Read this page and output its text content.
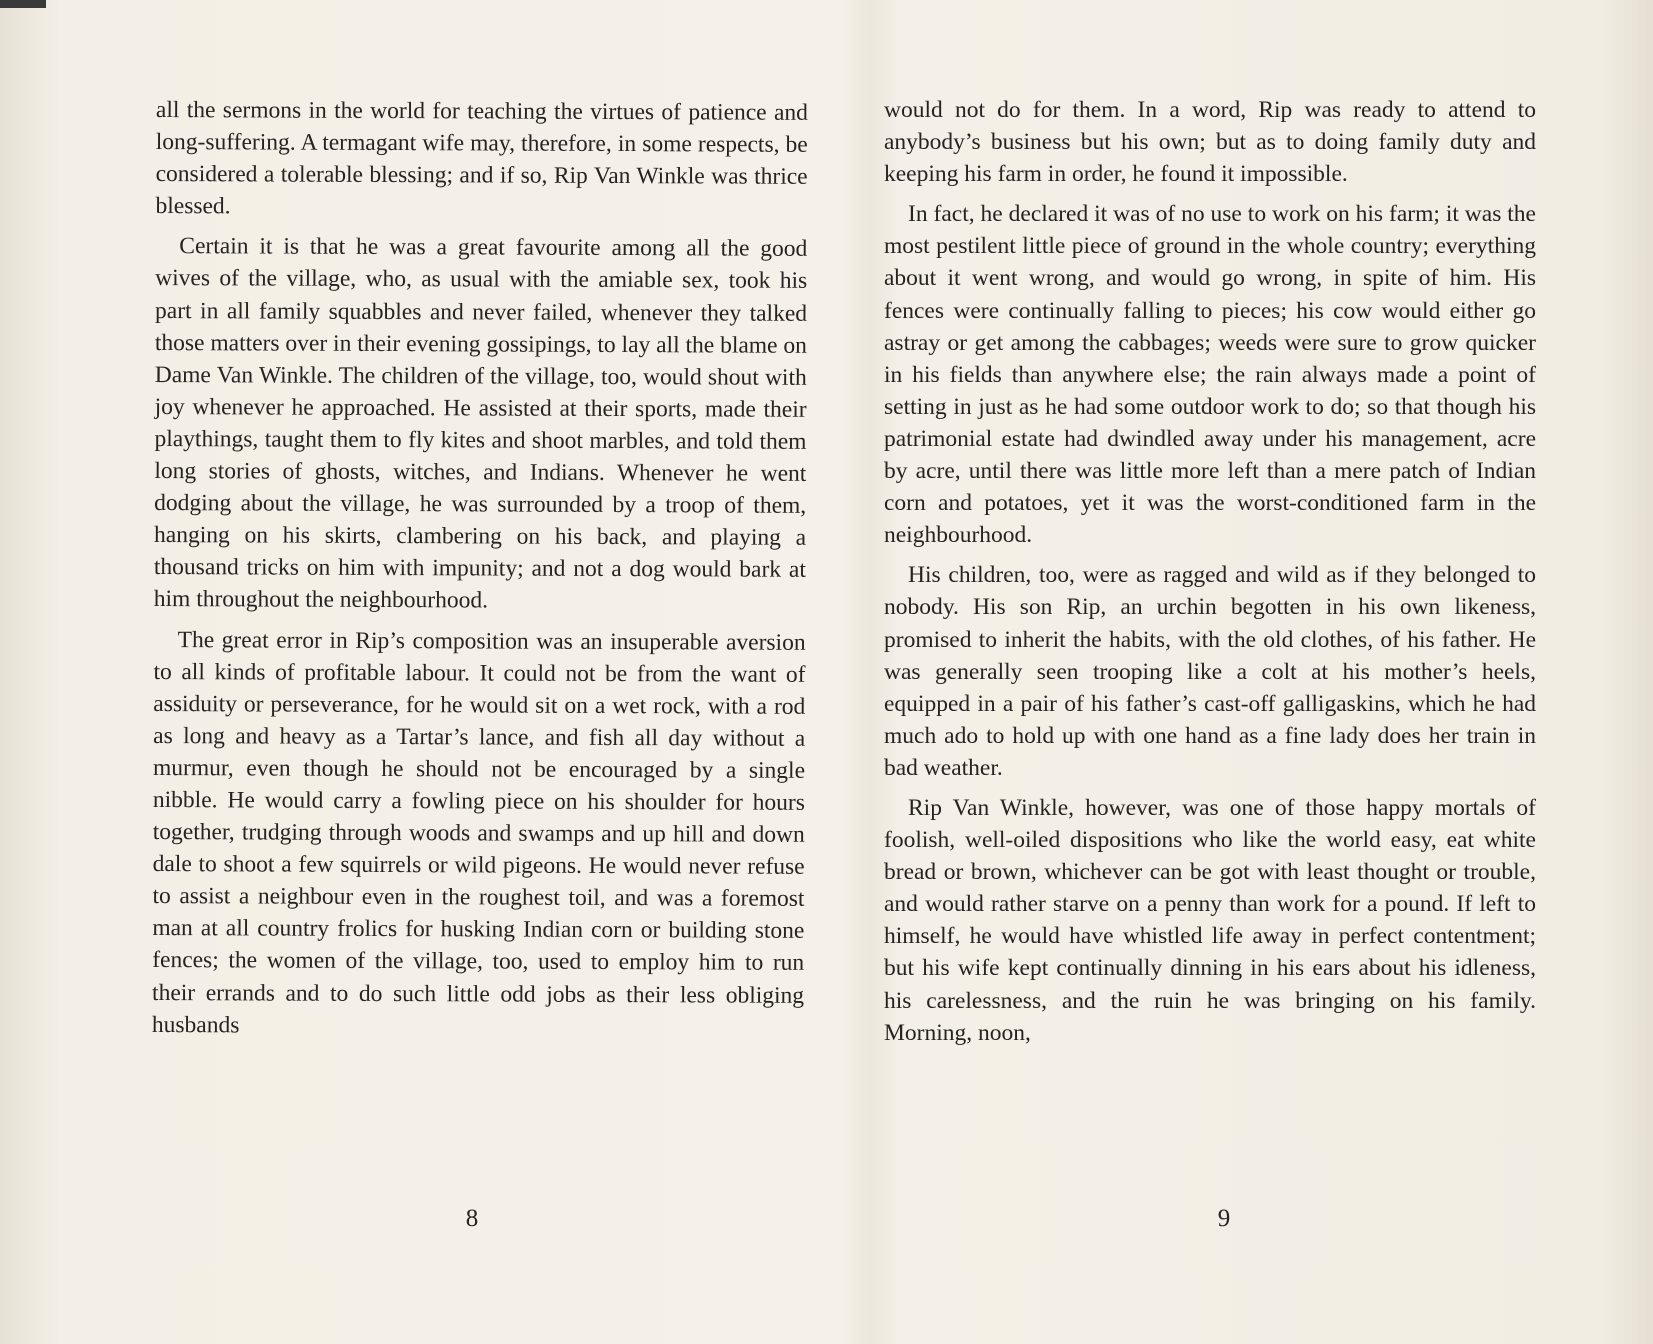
all the sermons in the world for teaching the virtues of patience and long-suffering. A termagant wife may, therefore, in some respects, be considered a tolerable blessing; and if so, Rip Van Winkle was thrice blessed.

Certain it is that he was a great favourite among all the good wives of the village, who, as usual with the amiable sex, took his part in all family squabbles and never failed, whenever they talked those matters over in their evening gossipings, to lay all the blame on Dame Van Winkle. The children of the village, too, would shout with joy whenever he approached. He assisted at their sports, made their playthings, taught them to fly kites and shoot marbles, and told them long stories of ghosts, witches, and Indians. Whenever he went dodging about the village, he was surrounded by a troop of them, hanging on his skirts, clambering on his back, and playing a thousand tricks on him with impunity; and not a dog would bark at him throughout the neighbourhood.

The great error in Rip’s composition was an insuperable aversion to all kinds of profitable labour. It could not be from the want of assiduity or perseverance, for he would sit on a wet rock, with a rod as long and heavy as a Tartar’s lance, and fish all day without a murmur, even though he should not be encouraged by a single nibble. He would carry a fowling piece on his shoulder for hours together, trudging through woods and swamps and up hill and down dale to shoot a few squirrels or wild pigeons. He would never refuse to assist a neighbour even in the roughest toil, and was a foremost man at all country frolics for husking Indian corn or building stone fences; the women of the village, too, used to employ him to run their errands and to do such little odd jobs as their less obliging husbands

would not do for them. In a word, Rip was ready to attend to anybody’s business but his own; but as to doing family duty and keeping his farm in order, he found it impossible.

In fact, he declared it was of no use to work on his farm; it was the most pestilent little piece of ground in the whole country; everything about it went wrong, and would go wrong, in spite of him. His fences were continually falling to pieces; his cow would either go astray or get among the cabbages; weeds were sure to grow quicker in his fields than anywhere else; the rain always made a point of setting in just as he had some outdoor work to do; so that though his patrimonial estate had dwindled away under his management, acre by acre, until there was little more left than a mere patch of Indian corn and potatoes, yet it was the worst-conditioned farm in the neighbourhood.

His children, too, were as ragged and wild as if they belonged to nobody. His son Rip, an urchin begotten in his own likeness, promised to inherit the habits, with the old clothes, of his father. He was generally seen trooping like a colt at his mother’s heels, equipped in a pair of his father’s cast-off galligaskins, which he had much ado to hold up with one hand as a fine lady does her train in bad weather.

Rip Van Winkle, however, was one of those happy mortals of foolish, well-oiled dispositions who like the world easy, eat white bread or brown, whichever can be got with least thought or trouble, and would rather starve on a penny than work for a pound. If left to himself, he would have whistled life away in perfect contentment; but his wife kept continually dinning in his ears about his idleness, his carelessness, and the ruin he was bringing on his family. Morning, noon,

8	9
